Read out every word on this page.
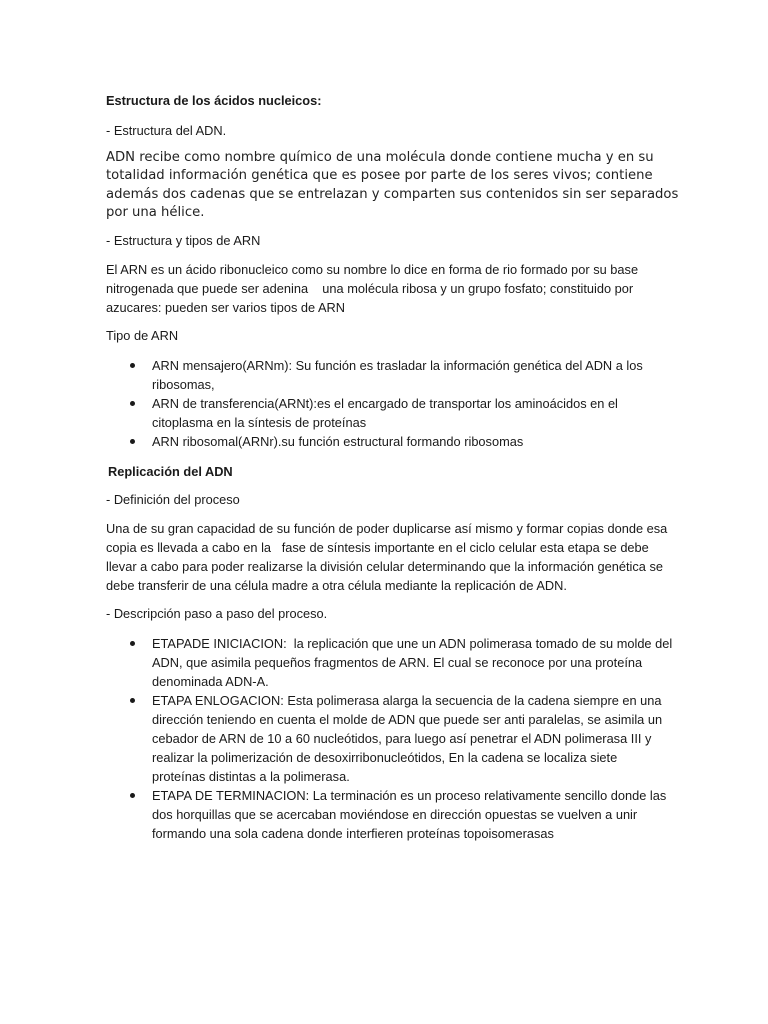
Estructura de los ácidos nucleicos:

- Estructura del ADN.

ADN recibe como nombre químico de una molécula donde contiene mucha y en su
totalidad información genética que es posee por parte de los seres vivos; contiene
además dos cadenas que se entrelazan y comparten sus contenidos sin ser separados
por una hélice.

- Estructura y tipos de ARN

El ARN es un ácido ribonucleico como su nombre lo dice en forma de rio formado por su base
nitrogenada que puede ser adenina    una molécula ribosa y un grupo fosfato; constituido por
azucares: pueden ser varios tipos de ARN

Tipo de ARN

ARN mensajero(ARNm): Su función es trasladar la información genética del ADN a los
ribosomas,
ARN de transferencia(ARNt):es el encargado de transportar los aminoácidos en el
citoplasma en la síntesis de proteínas
ARN ribosomal(ARNr).su función estructural formando ribosomas

Replicación del ADN

- Definición del proceso

Una de su gran capacidad de su función de poder duplicarse así mismo y formar copias donde esa
copia es llevada a cabo en la   fase de síntesis importante en el ciclo celular esta etapa se debe
llevar a cabo para poder realizarse la división celular determinando que la información genética se
debe transferir de una célula madre a otra célula mediante la replicación de ADN.

- Descripción paso a paso del proceso.

ETAPADE INICIACION:  la replicación que une un ADN polimerasa tomado de su molde del
ADN, que asimila pequeños fragmentos de ARN. El cual se reconoce por una proteína
denominada ADN-A.
ETAPA ENLOGACION: Esta polimerasa alarga la secuencia de la cadena siempre en una
dirección teniendo en cuenta el molde de ADN que puede ser anti paralelas, se asimila un
cebador de ARN de 10 a 60 nucleótidos, para luego así penetrar el ADN polimerasa III y
realizar la polimerización de desoxirribonucleótidos, En la cadena se localiza siete
proteínas distintas a la polimerasa.
ETAPA DE TERMINACION: La terminación es un proceso relativamente sencillo donde las
dos horquillas que se acercaban moviéndose en dirección opuestas se vuelven a unir
formando una sola cadena donde interfieren proteínas topoisomerasas
